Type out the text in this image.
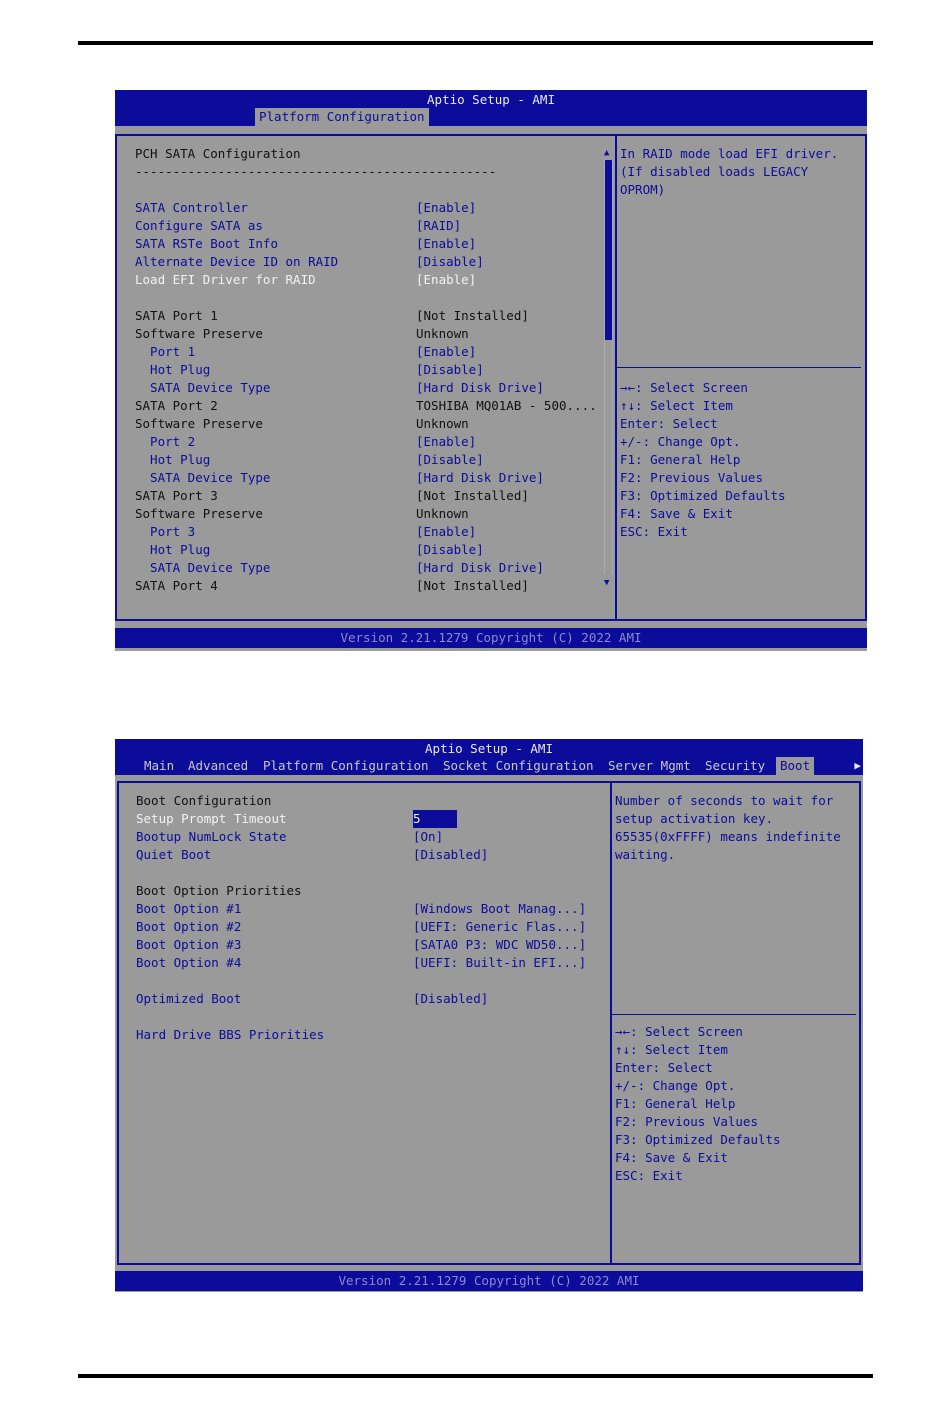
Aptio Setup - AMI
Platform Configuration
PCH SATA Configuration
------------------------------------------------
SATA Controller	[Enable]
Configure SATA as	[RAID]
SATA RSTe Boot Info	[Enable]
Alternate Device ID on RAID	[Disable]
Load EFI Driver for RAID	[Enable]
SATA Port 1	[Not Installed]
Software Preserve	Unknown
Port 1	[Enable]
Hot Plug	[Disable]
SATA Device Type	[Hard Disk Drive]
SATA Port 2	TOSHIBA MQ01AB - 500....
Software Preserve	Unknown
Port 2	[Enable]
Hot Plug	[Disable]
SATA Device Type	[Hard Disk Drive]
SATA Port 3	[Not Installed]
Software Preserve	Unknown
Port 3	[Enable]
Hot Plug	[Disable]
SATA Device Type	[Hard Disk Drive]
SATA Port 4	[Not Installed]
▲
▼
In RAID mode load EFI driver.
(If disabled loads LEGACY
OPROM)
→←: Select Screen
↑↓: Select Item
Enter: Select
+/-: Change Opt.
F1: General Help
F2: Previous Values
F3: Optimized Defaults
F4: Save & Exit
ESC: Exit
Version 2.21.1279 Copyright (C) 2022 AMI
Aptio Setup - AMI
Main	Advanced	Platform Configuration	Socket Configuration	Server Mgmt	Security	Boot	▶
Boot Configuration
Setup Prompt Timeout	5
Bootup NumLock State	[On]
Quiet Boot	[Disabled]
Boot Option Priorities
Boot Option #1	[Windows Boot Manag...]
Boot Option #2	[UEFI: Generic Flas...]
Boot Option #3	[SATA0 P3: WDC WD50...]
Boot Option #4	[UEFI: Built-in EFI...]
Optimized Boot	[Disabled]
Hard Drive BBS Priorities
Number of seconds to wait for
setup activation key.
65535(0xFFFF) means indefinite
waiting.
→←: Select Screen
↑↓: Select Item
Enter: Select
+/-: Change Opt.
F1: General Help
F2: Previous Values
F3: Optimized Defaults
F4: Save & Exit
ESC: Exit
Version 2.21.1279 Copyright (C) 2022 AMI
